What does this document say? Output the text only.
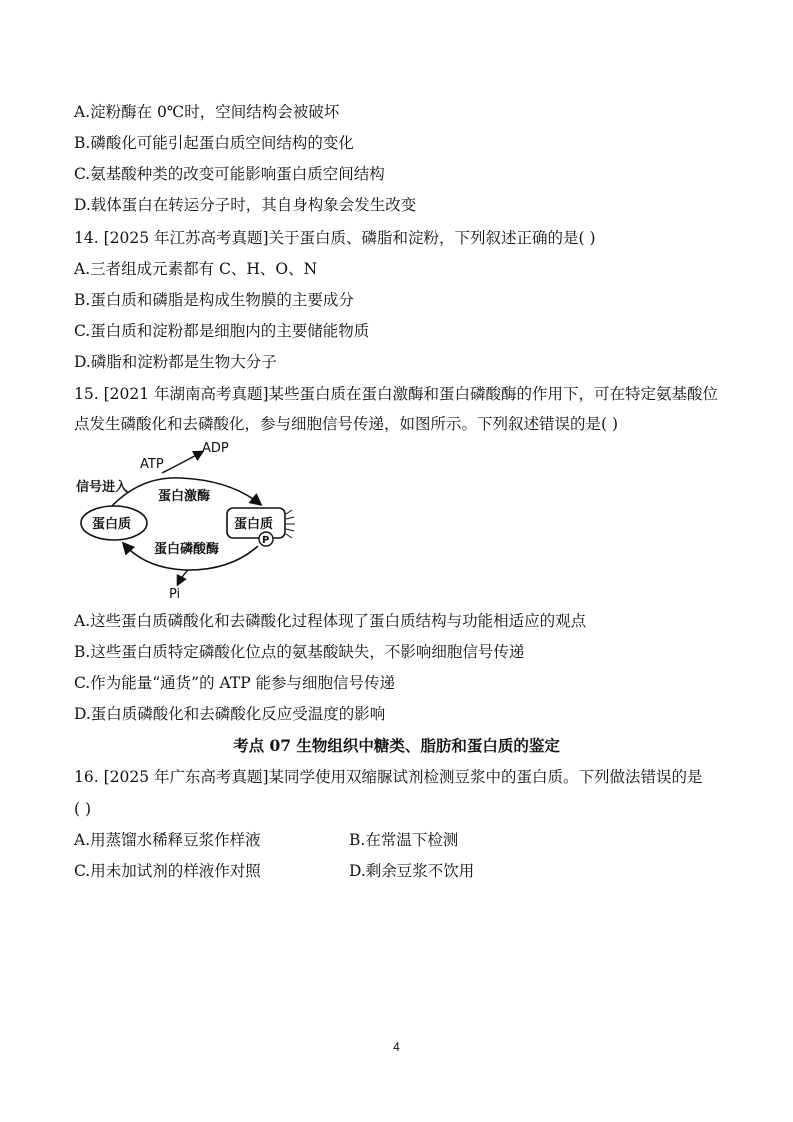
A.淀粉酶在 0℃时，空间结构会被破坏
B.磷酸化可能引起蛋白质空间结构的变化
C.氨基酸种类的改变可能影响蛋白质空间结构
D.载体蛋白在转运分子时，其自身构象会发生改变
14. [2025 年江苏高考真题]关于蛋白质、磷脂和淀粉，下列叙述正确的是( )
A.三者组成元素都有 C、H、O、N
B.蛋白质和磷脂是构成生物膜的主要成分
C.蛋白质和淀粉都是细胞内的主要储能物质
D.磷脂和淀粉都是生物大分子
15. [2021 年湖南高考真题]某些蛋白质在蛋白激酶和蛋白磷酸酶的作用下，可在特定氨基酸位
点发生磷酸化和去磷酸化，参与细胞信号传递，如图所示。下列叙述错误的是( )
ATP
ADP
信号进入
蛋白激酶
蛋白质	蛋白质
P
蛋白磷酸酶
Pi
A.这些蛋白质磷酸化和去磷酸化过程体现了蛋白质结构与功能相适应的观点
B.这些蛋白质特定磷酸化位点的氨基酸缺失，不影响细胞信号传递
C.作为能量“通货”的 ATP 能参与细胞信号传递
D.蛋白质磷酸化和去磷酸化反应受温度的影响
考点 07 生物组织中糖类、脂肪和蛋白质的鉴定
16. [2025 年广东高考真题]某同学使用双缩脲试剂检测豆浆中的蛋白质。下列做法错误的是
( )
A.用蒸馏水稀释豆浆作样液	B.在常温下检测
C.用未加试剂的样液作对照	D.剩余豆浆不饮用
4
